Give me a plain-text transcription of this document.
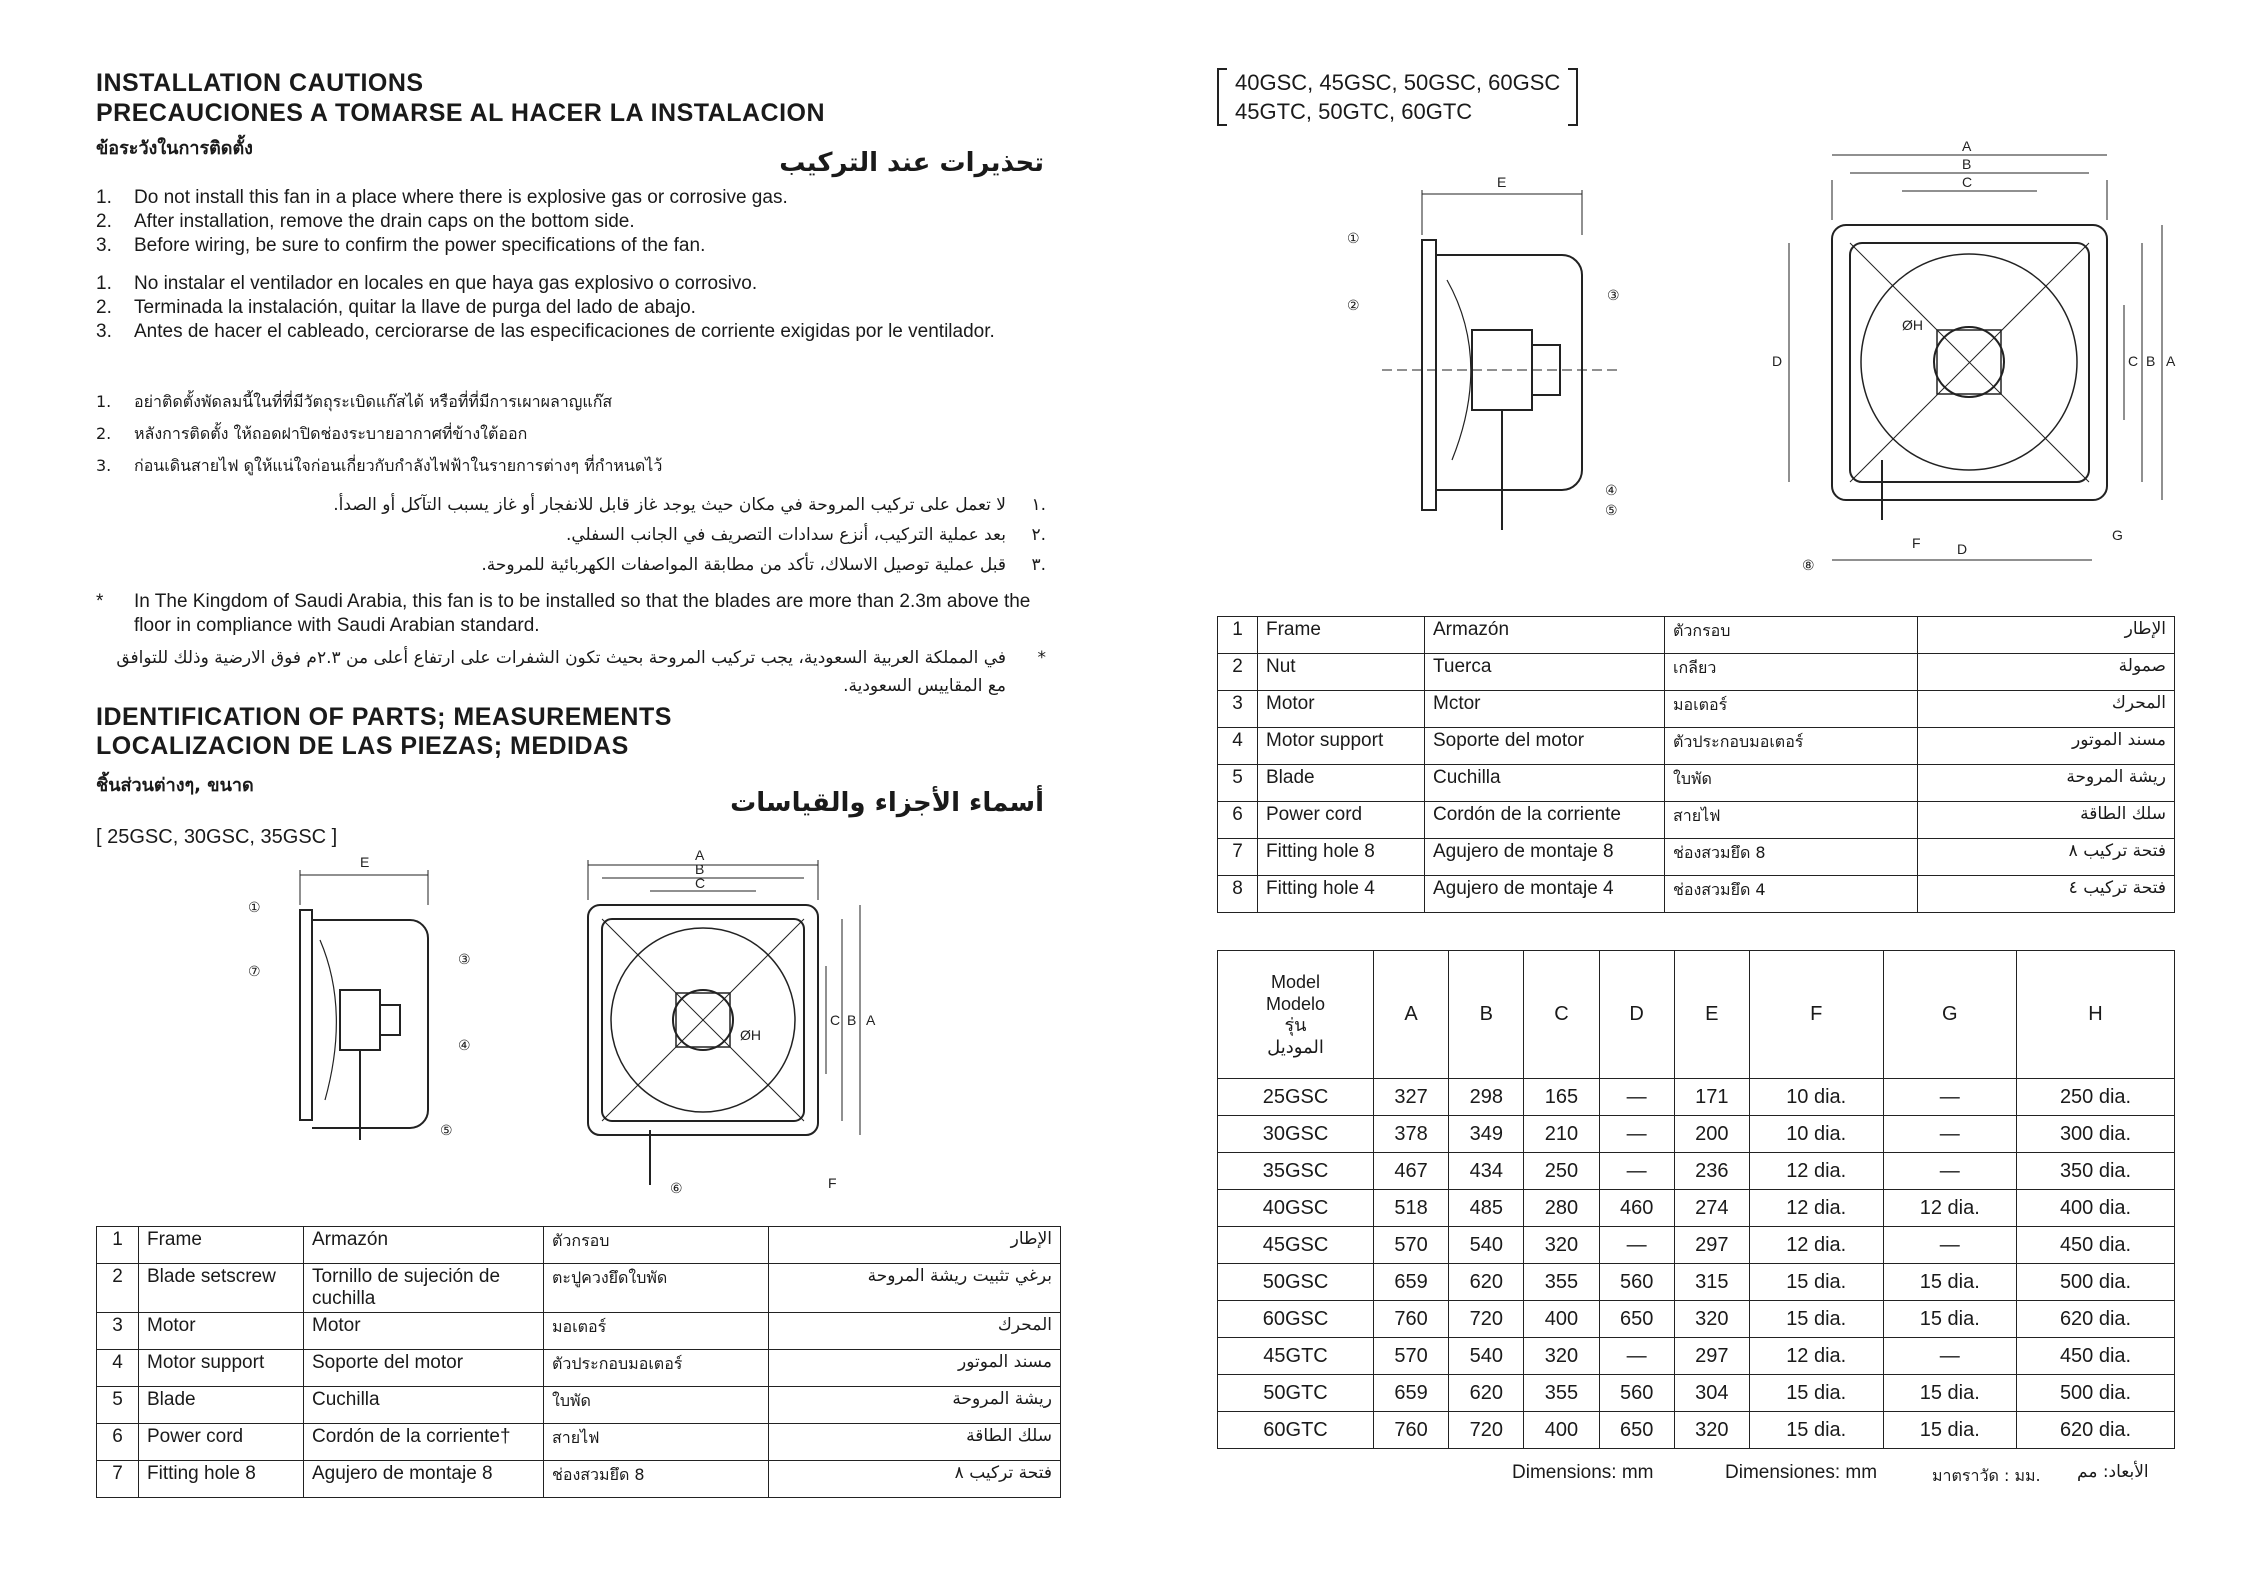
INSTALLATION CAUTIONS
PRECAUCIONES A TOMARSE AL HACER LA INSTALACION
ข้อระวังในการติดตั้ง	تحذيرات عند التركيب
1. Do not install this fan in a place where there is explosive gas or corrosive gas.
2. After installation, remove the drain caps on the bottom side.
3. Before wiring, be sure to confirm the power specifications of the fan.
1. No instalar el ventilador en locales en que haya gas explosivo o corrosivo.
2. Terminada la instalación, quitar la llave de purga del lado de abajo.
3. Antes de hacer el cableado, cerciorarse de las especificaciones de corriente exigidas por le ventilador.
1. อย่าติดตั้งพัดลมนี้ในที่ที่มีวัตถุระเบิดแก๊สได้ หรือที่ที่มีการเผาผลาญแก๊ส
2. หลังการติดตั้ง ให้ถอดฝาปิดช่องระบายอากาศที่ข้างใต้ออก
3. ก่อนเดินสายไฟ ดูให้แน่ใจก่อนเกี่ยวกับกำลังไฟฟ้าในรายการต่างๆ ที่กำหนดไว้
.١
لا تعمل على تركيب المروحة في مكان حيث يوجد غاز قابل للانفجار أو غاز يسبب التآكل أو الصدأ.
.٢
بعد عملية التركيب، أنزع سدادات التصريف في الجانب السفلي.
.٣
قبل عملية توصيل الاسلاك، تأكد من مطابقة المواصفات الكهربائية للمروحة.
* In The Kingdom of Saudi Arabia, this fan is to be installed so that the blades are more than 2.3m above the floor in compliance with Saudi Arabian standard.
*
في المملكة العربية السعودية، يجب تركيب المروحة بحيث تكون الشفرات على ارتفاع أعلى من ٢.٣م فوق الارضية وذلك للتوافق مع المقاييس السعودية.
IDENTIFICATION OF PARTS; MEASUREMENTS
LOCALIZACION DE LAS PIEZAS; MEDIDAS
ชิ้นส่วนต่างๆ, ขนาด
أسماء الأجزاء والقياسات
[ 25GSC, 30GSC, 35GSC ]
E
①
⑦
③
④
⑤
A
B
C
A
B
C
ØH
⑥	F
1	Frame	Armazón	ตัวกรอบ	الإطار
2	Blade setscrew	Tornillo de sujeción de cuchilla	ตะปูควงยึดใบพัด	برغي تثبيت ريشة المروحة
3	Motor	Motor	มอเตอร์	المحرك
4	Motor support	Soporte del motor	ตัวประกอบมอเตอร์	مسند الموتور
5	Blade	Cuchilla	ใบพัด	ريشة المروحة
6	Power cord	Cordón de la corriente†	สายไฟ	سلك الطاقة
7	Fitting hole 8	Agujero de montaje 8	ช่องสวมยึด 8	فتحة تركيب ٨
40GSC, 45GSC, 50GSC, 60GSC
45GTC, 50GTC, 60GTC
E
①
②
③
④
⑤
A
B
C
D	A
B
C
ØH
D
F	G
⑧
1	Frame	Armazón	ตัวกรอบ	الإطار
2	Nut	Tuerca	เกลียว	صمولة
3	Motor	Mctor	มอเตอร์	المحرك
4	Motor support	Soporte del motor	ตัวประกอบมอเตอร์	مسند الموتور
5	Blade	Cuchilla	ใบพัด	ريشة المروحة
6	Power cord	Cordón de la corriente	สายไฟ	سلك الطاقة
7	Fitting hole 8	Agujero de montaje 8	ช่องสวมยึด 8	فتحة تركيب ٨
8	Fitting hole 4	Agujero de montaje 4	ช่องสวมยึด 4	فتحة تركيب ٤
Model
Modelo
รุ่น
الموديل	A	B	C	D	E	F	G	H
25GSC	327	298	165	—	171	10 dia.	—	250 dia.
30GSC	378	349	210	—	200	10 dia.	—	300 dia.
35GSC	467	434	250	—	236	12 dia.	—	350 dia.
40GSC	518	485	280	460	274	12 dia.	12 dia.	400 dia.
45GSC	570	540	320	—	297	12 dia.	—	450 dia.
50GSC	659	620	355	560	315	15 dia.	15 dia.	500 dia.
60GSC	760	720	400	650	320	15 dia.	15 dia.	620 dia.
45GTC	570	540	320	—	297	12 dia.	—	450 dia.
50GTC	659	620	355	560	304	15 dia.	15 dia.	500 dia.
60GTC	760	720	400	650	320	15 dia.	15 dia.	620 dia.
Dimensions: mm	Dimensiones: mm	มาตราวัด : มม. الأبعاد: مم
